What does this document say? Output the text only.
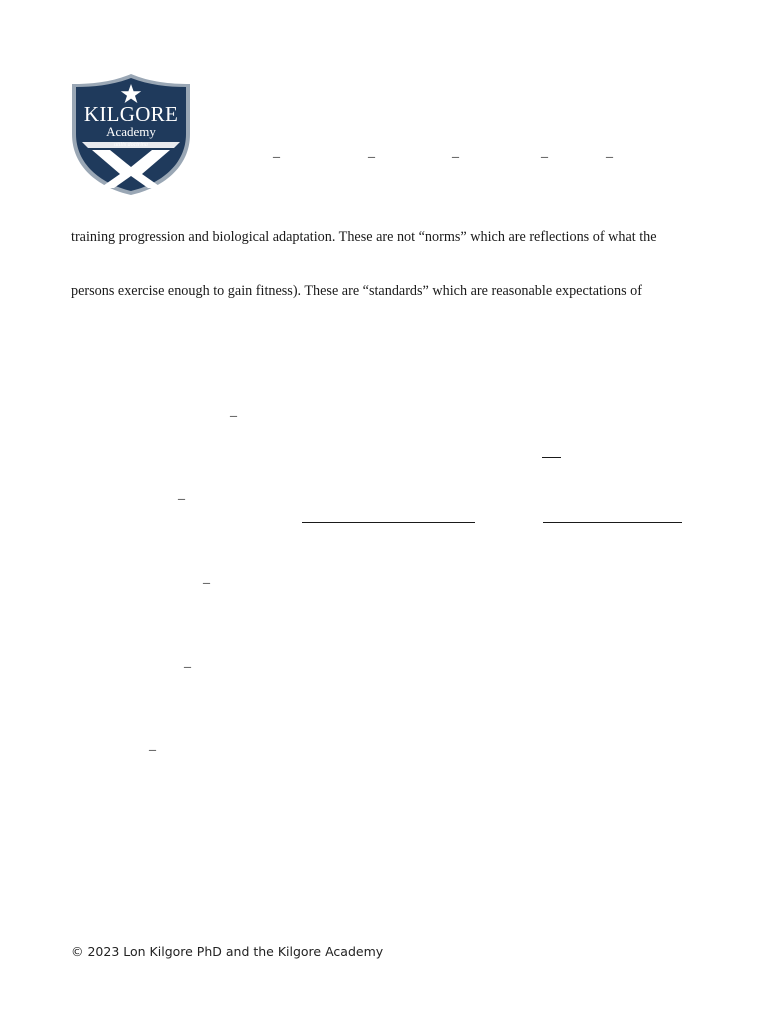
KILGORE
Academy
utilis doctrina	_	_	_	_	_
training progression and biological adaptation. These are not “norms” which are reflections of what the
persons exercise enough to gain fitness). These are “standards” which are reasonable expectations of
_
_
_
_
_
© 2023 Lon Kilgore PhD and the Kilgore Academy
